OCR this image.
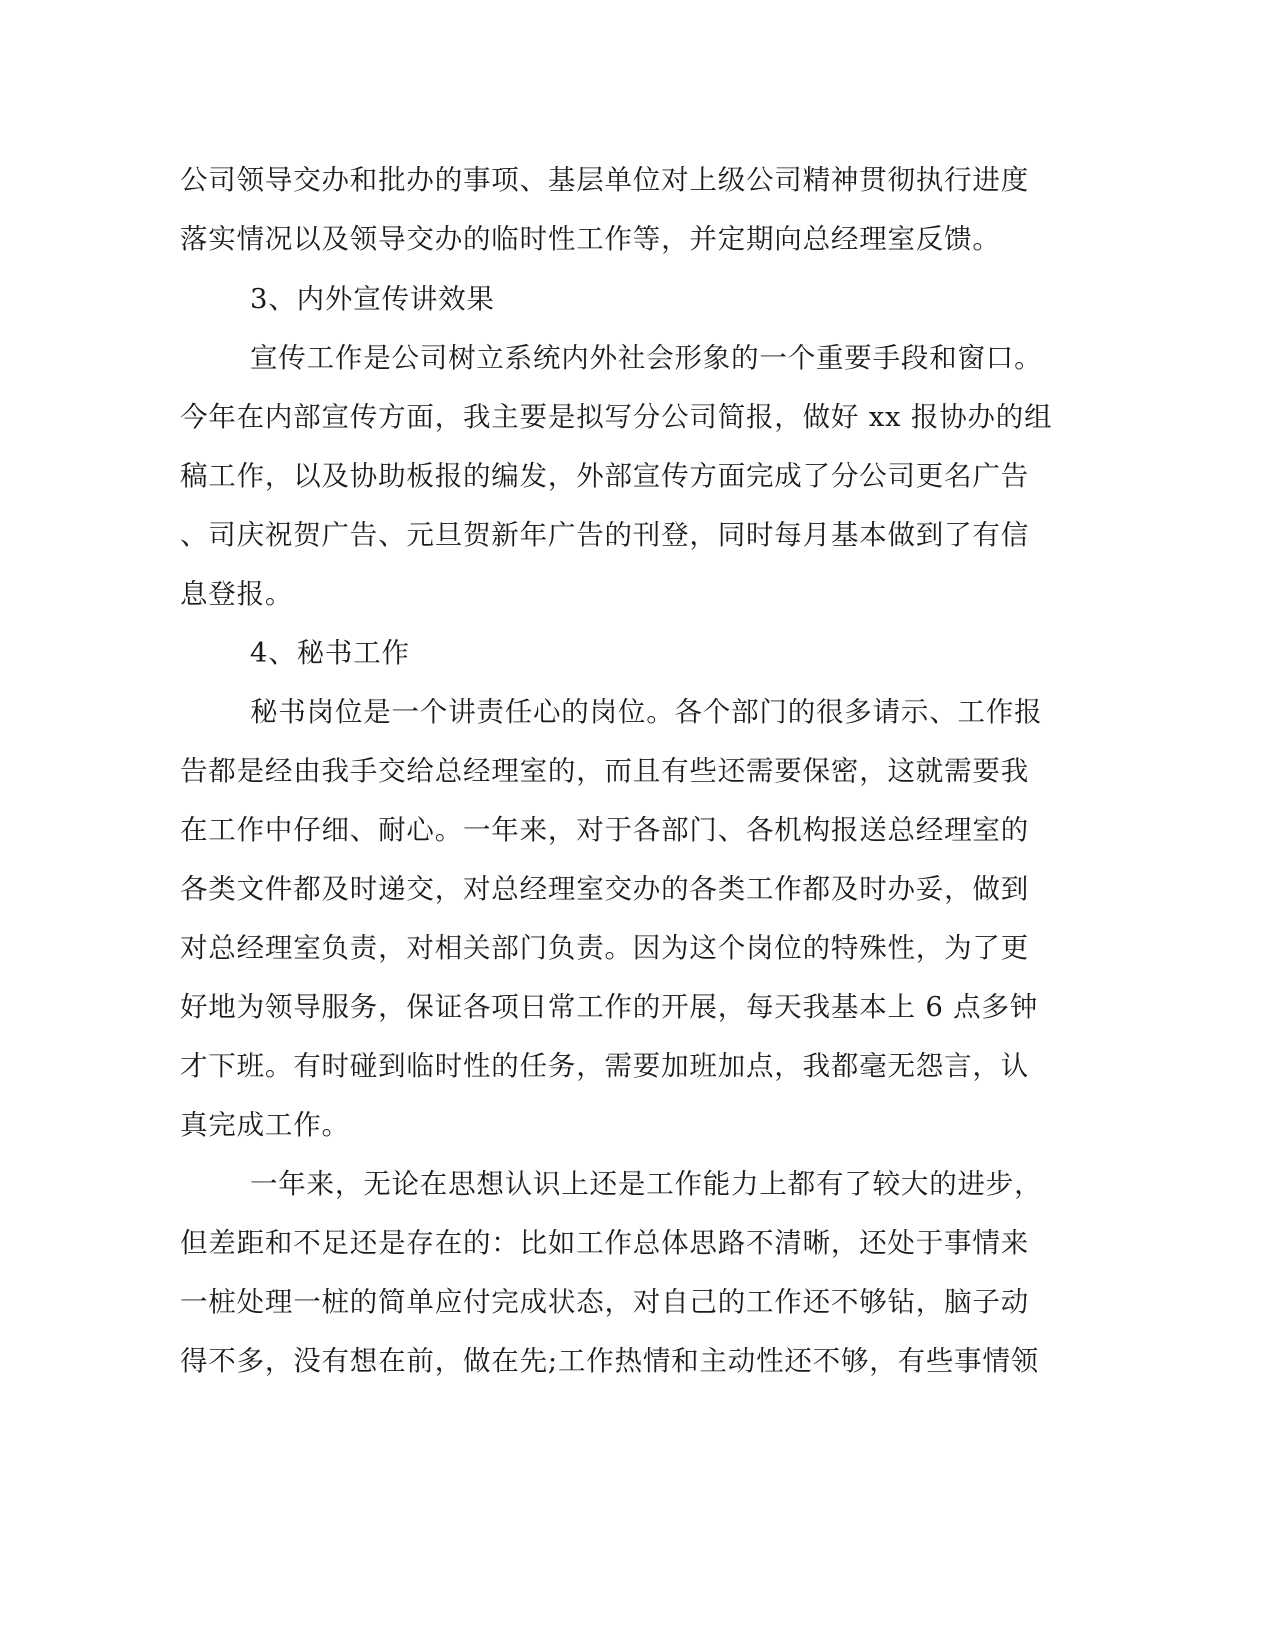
公司领导交办和批办的事项、基层单位对上级公司精神贯彻执行进度
落实情况以及领导交办的临时性工作等，并定期向总经理室反馈。
3、内外宣传讲效果
宣传工作是公司树立系统内外社会形象的一个重要手段和窗口。
今年在内部宣传方面，我主要是拟写分公司简报，做好 xx 报协办的组
稿工作，以及协助板报的编发，外部宣传方面完成了分公司更名广告
、司庆祝贺广告、元旦贺新年广告的刊登，同时每月基本做到了有信
息登报。
4、秘书工作
秘书岗位是一个讲责任心的岗位。各个部门的很多请示、工作报
告都是经由我手交给总经理室的，而且有些还需要保密，这就需要我
在工作中仔细、耐心。一年来，对于各部门、各机构报送总经理室的
各类文件都及时递交，对总经理室交办的各类工作都及时办妥，做到
对总经理室负责，对相关部门负责。因为这个岗位的特殊性，为了更
好地为领导服务，保证各项日常工作的开展，每天我基本上 6 点多钟
才下班。有时碰到临时性的任务，需要加班加点，我都毫无怨言，认
真完成工作。
一年来，无论在思想认识上还是工作能力上都有了较大的进步，
但差距和不足还是存在的：比如工作总体思路不清晰，还处于事情来
一桩处理一桩的简单应付完成状态，对自己的工作还不够钻，脑子动
得不多，没有想在前，做在先;工作热情和主动性还不够，有些事情领
